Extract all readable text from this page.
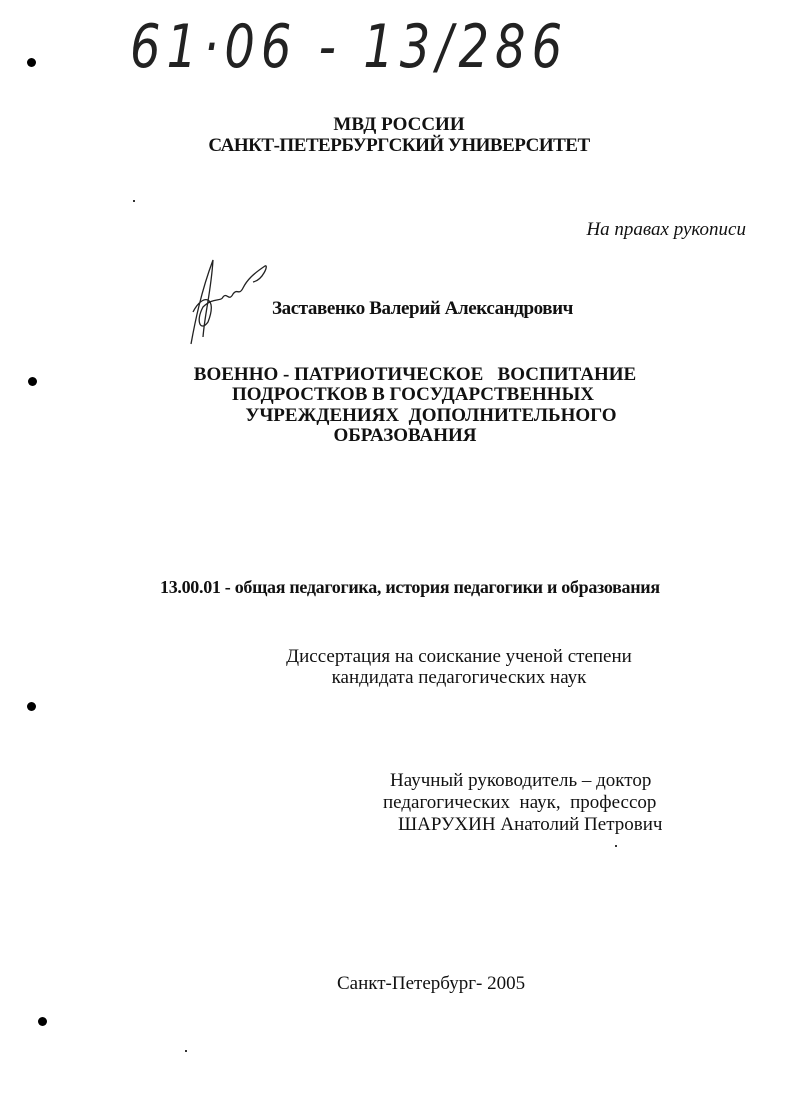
61·06 - 13/286
МВД РОССИИ
САНКТ-ПЕТЕРБУРГСКИЙ УНИВЕРСИТЕТ
На правах рукописи
Заставенко Валерий Александрович
ВОЕННО - ПАТРИОТИЧЕСКОЕ   ВОСПИТАНИЕ
ПОДРОСТКОВ В ГОСУДАРСТВЕННЫХ
УЧРЕЖДЕНИЯХ  ДОПОЛНИТЕЛЬНОГО
ОБРАЗОВАНИЯ
13.00.01 - общая педагогика, история педагогики и образования
Диссертация на соискание ученой степени
кандидата педагогических наук
Научный руководитель – доктор
педагогических  наук,  профессор
ШАРУХИН Анатолий Петрович
Санкт-Петербург- 2005
